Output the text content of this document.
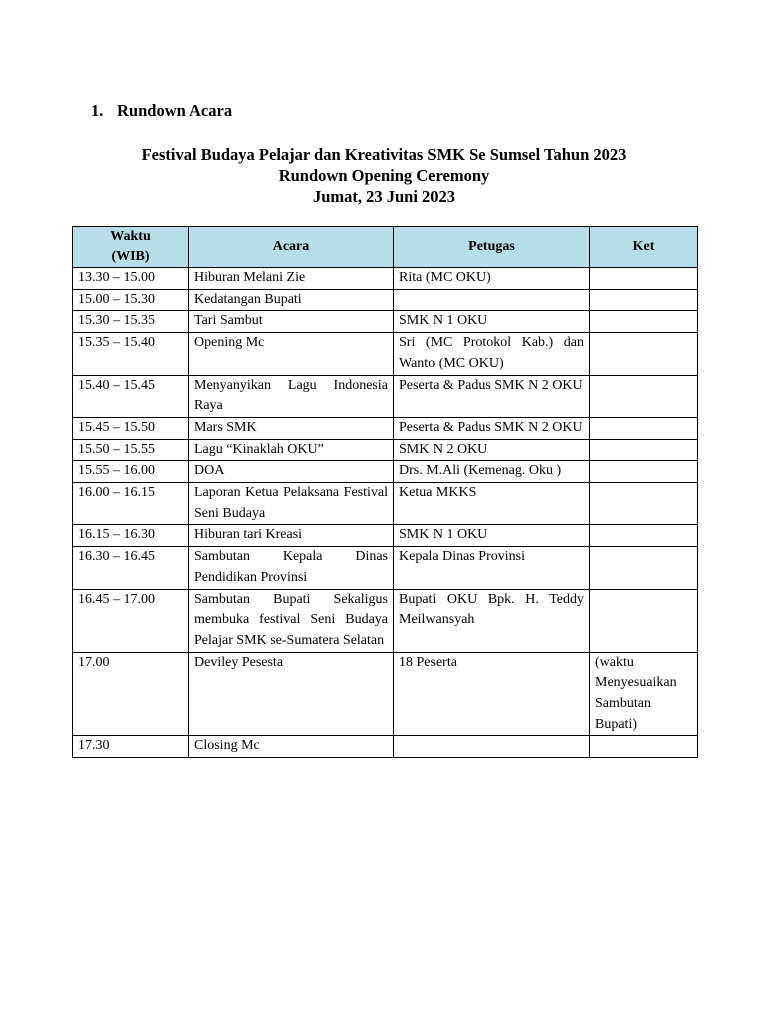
1. Rundown Acara
Festival Budaya Pelajar dan Kreativitas SMK Se Sumsel Tahun 2023
Rundown Opening Ceremony
Jumat, 23 Juni 2023
Waktu
(WIB)	Acara	Petugas	Ket
13.30 – 15.00	Hiburan Melani Zie	Rita (MC OKU)	
15.00 – 15.30	Kedatangan Bupati		
15.30 – 15.35	Tari Sambut	SMK N 1 OKU	
15.35 – 15.40	Opening Mc	Sri (MC Protokol Kab.) dan Wanto (MC OKU)	
15.40 – 15.45	Menyanyikan Lagu Indonesia Raya	Peserta & Padus SMK N 2 OKU	
15.45 – 15.50	Mars SMK	Peserta & Padus SMK N 2 OKU	
15.50 – 15.55	Lagu “Kinaklah OKU”	SMK N 2 OKU	
15.55 – 16.00	DOA	Drs. M.Ali (Kemenag. Oku )	
16.00 – 16.15	Laporan Ketua Pelaksana Festival Seni Budaya	Ketua MKKS	
16.15 – 16.30	Hiburan tari Kreasi	SMK N 1 OKU	
16.30 – 16.45	Sambutan Kepala Dinas Pendidikan Provinsi	Kepala Dinas Provinsi	
16.45 – 17.00	Sambutan Bupati Sekaligus membuka festival Seni Budaya Pelajar SMK se-Sumatera Selatan	Bupati OKU Bpk. H. Teddy Meilwansyah	
17.00	Deviley Pesesta	18 Peserta	(waktu Menyesuaikan Sambutan Bupati)
17.30	Closing Mc		
